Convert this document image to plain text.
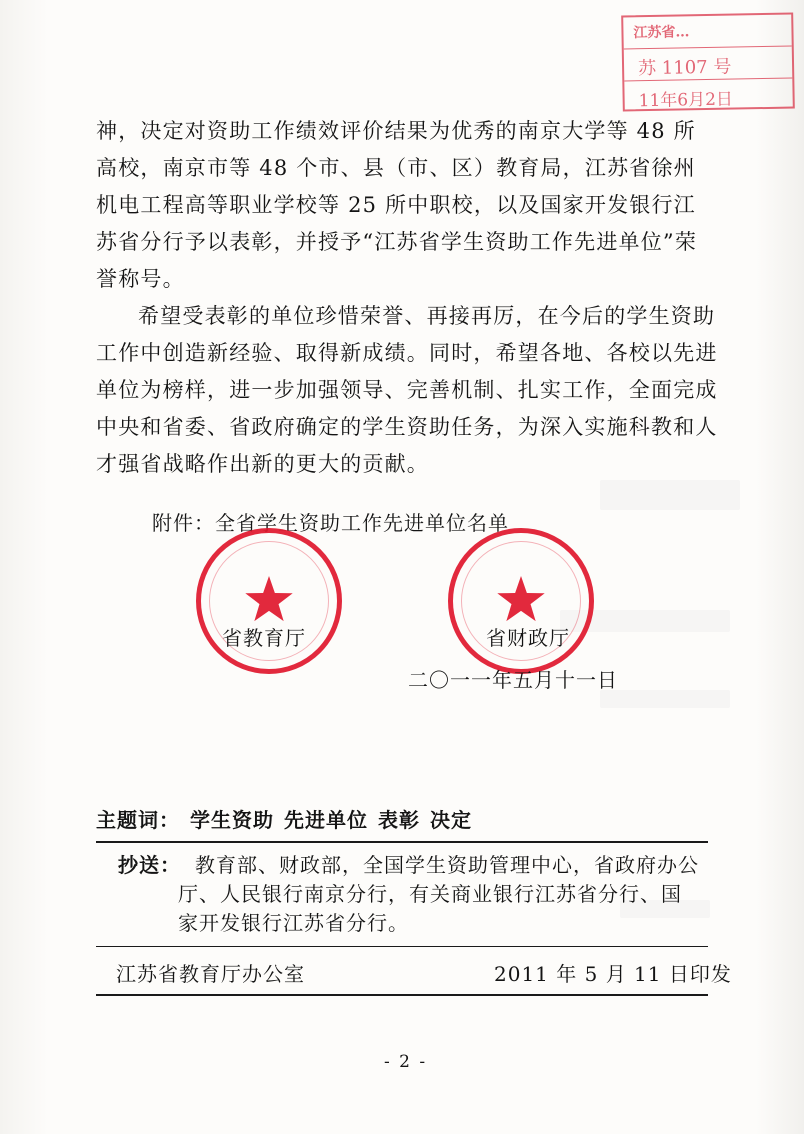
江苏省…
苏 1107 号
11年6月2日

神，决定对资助工作绩效评价结果为优秀的南京大学等 48 所高校，南京市等 48 个市、县（市、区）教育局，江苏省徐州机电工程高等职业学校等 25 所中职校，以及国家开发银行江苏省分行予以表彰，并授予“江苏省学生资助工作先进单位”荣誉称号。

希望受表彰的单位珍惜荣誉、再接再厉，在今后的学生资助工作中创造新经验、取得新成绩。同时，希望各地、各校以先进单位为榜样，进一步加强领导、完善机制、扎实工作，全面完成中央和省委、省政府确定的学生资助任务，为深入实施科教和人才强省战略作出新的更大的贡献。

附件：全省学生资助工作先进单位名单
省教育厅	省财政厅
二〇一一年五月十一日
主题词： 学生资助 先进单位 表彰 决定
抄送： 教育部、财政部，全国学生资助管理中心，省政府办公
厅、人民银行南京分行，有关商业银行江苏省分行、国
家开发银行江苏省分行。
江苏省教育厅办公室	2011 年 5 月 11 日印发
- 2 -
